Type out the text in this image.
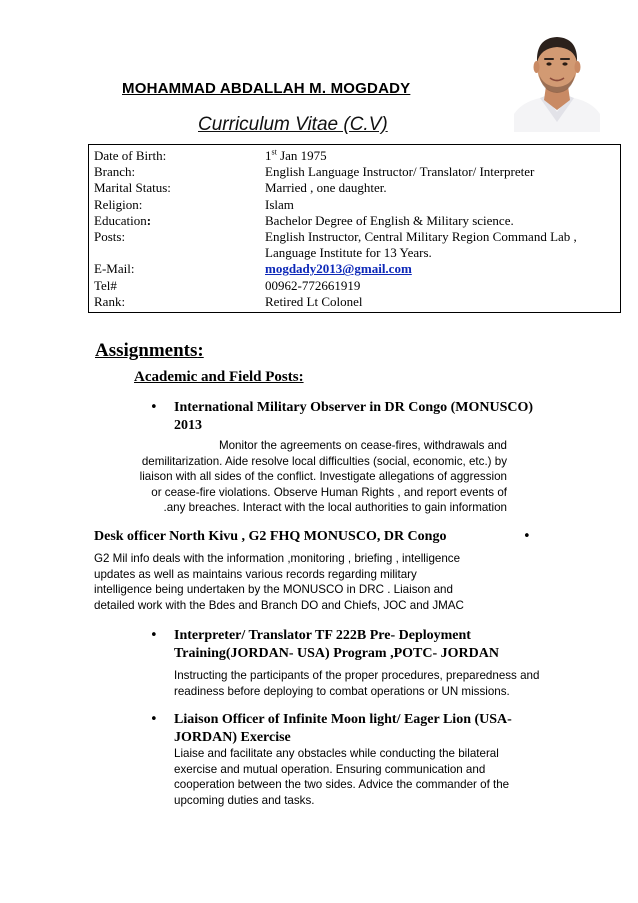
MOHAMMAD ABDALLAH M. MOGDADY
Curriculum Vitae (C.V)
Date of Birth:	1st Jan 1975
Branch:	English Language Instructor/ Translator/ Interpreter
Marital Status:	Married , one daughter.
Religion:	Islam
Education:	Bachelor Degree of English & Military science.
Posts:	English Instructor, Central Military Region Command Lab , Language Institute for 13 Years.
E-Mail:	mogdady2013@gmail.com
Tel#	00962-772661919
Rank:	Retired Lt Colonel
Assignments:
Academic and Field Posts:
• International Military Observer in DR Congo (MONUSCO)
2013
Monitor the agreements on cease-fires, withdrawals and
demilitarization. Aide resolve local difficulties (social, economic, etc.) by
liaison with all sides of the conflict. Investigate allegations of aggression
or cease-fire violations. Observe Human Rights , and report events of
.any breaches. Interact with the local authorities to gain information
Desk officer North Kivu , G2 FHQ MONUSCO, DR Congo	•
G2 Mil info deals with the information ,monitoring , briefing , intelligence
updates as well as maintains various records regarding military
intelligence being undertaken by the MONUSCO in DRC . Liaison and
detailed work with the Bdes and Branch DO and Chiefs, JOC and JMAC
• Interpreter/ Translator TF 222B Pre- Deployment
Training(JORDAN- USA) Program ,POTC- JORDAN
Instructing the participants of the proper procedures, preparedness and
readiness before deploying to combat operations or UN missions.
• Liaison Officer of Infinite Moon light/ Eager Lion (USA-
JORDAN) Exercise
Liaise and facilitate any obstacles while conducting the bilateral
exercise and mutual operation. Ensuring communication and
cooperation between the two sides. Advice the commander of the
upcoming duties and tasks.
